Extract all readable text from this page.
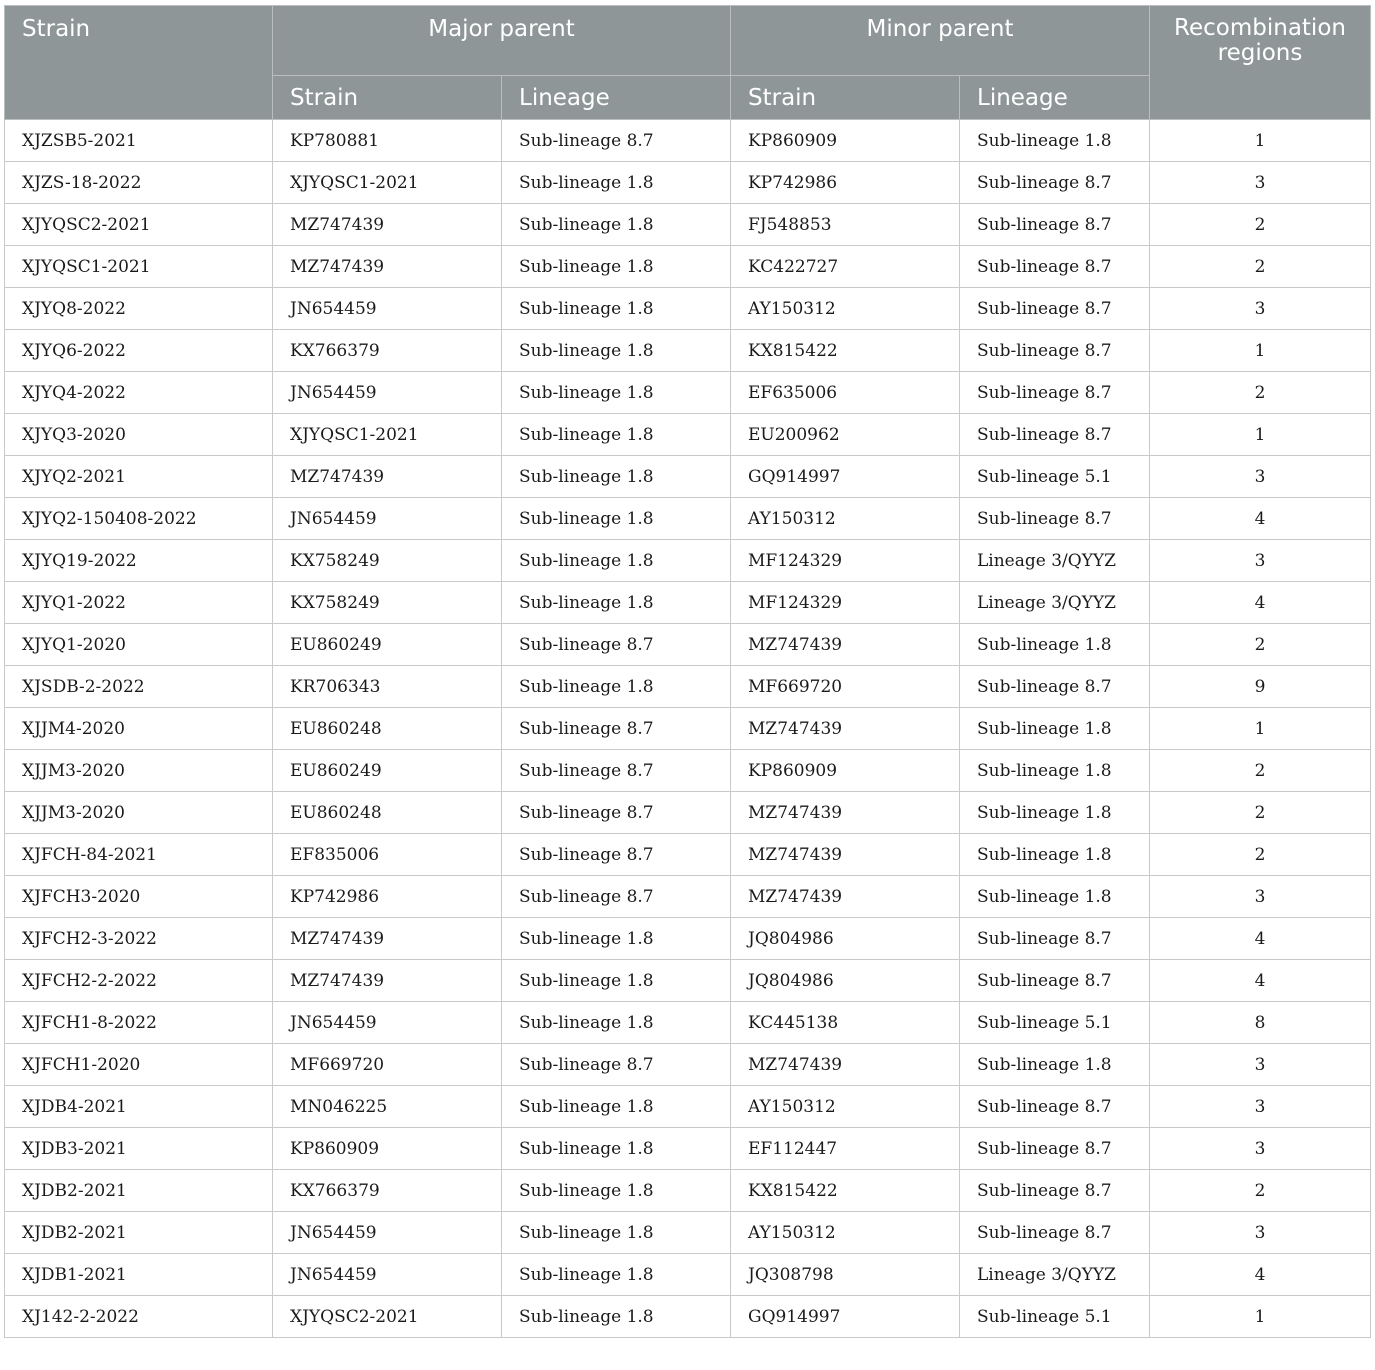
Strain	Major parent		Minor parent		Recombination regions
	Strain	Lineage	Strain	Lineage	
XJZSB5-2021	KP780881	Sub-lineage 8.7	KP860909	Sub-lineage 1.8	1
XJZS-18-2022	XJYQSC1-2021	Sub-lineage 1.8	KP742986	Sub-lineage 8.7	3
XJYQSC2-2021	MZ747439	Sub-lineage 1.8	FJ548853	Sub-lineage 8.7	2
XJYQSC1-2021	MZ747439	Sub-lineage 1.8	KC422727	Sub-lineage 8.7	2
XJYQ8-2022	JN654459	Sub-lineage 1.8	AY150312	Sub-lineage 8.7	3
XJYQ6-2022	KX766379	Sub-lineage 1.8	KX815422	Sub-lineage 8.7	1
XJYQ4-2022	JN654459	Sub-lineage 1.8	EF635006	Sub-lineage 8.7	2
XJYQ3-2020	XJYQSC1-2021	Sub-lineage 1.8	EU200962	Sub-lineage 8.7	1
XJYQ2-2021	MZ747439	Sub-lineage 1.8	GQ914997	Sub-lineage 5.1	3
XJYQ2-150408-2022	JN654459	Sub-lineage 1.8	AY150312	Sub-lineage 8.7	4
XJYQ19-2022	KX758249	Sub-lineage 1.8	MF124329	Lineage 3/QYYZ	3
XJYQ1-2022	KX758249	Sub-lineage 1.8	MF124329	Lineage 3/QYYZ	4
XJYQ1-2020	EU860249	Sub-lineage 8.7	MZ747439	Sub-lineage 1.8	2
XJSDB-2-2022	KR706343	Sub-lineage 1.8	MF669720	Sub-lineage 8.7	9
XJJM4-2020	EU860248	Sub-lineage 8.7	MZ747439	Sub-lineage 1.8	1
XJJM3-2020	EU860249	Sub-lineage 8.7	KP860909	Sub-lineage 1.8	2
XJJM3-2020	EU860248	Sub-lineage 8.7	MZ747439	Sub-lineage 1.8	2
XJFCH-84-2021	EF835006	Sub-lineage 8.7	MZ747439	Sub-lineage 1.8	2
XJFCH3-2020	KP742986	Sub-lineage 8.7	MZ747439	Sub-lineage 1.8	3
XJFCH2-3-2022	MZ747439	Sub-lineage 1.8	JQ804986	Sub-lineage 8.7	4
XJFCH2-2-2022	MZ747439	Sub-lineage 1.8	JQ804986	Sub-lineage 8.7	4
XJFCH1-8-2022	JN654459	Sub-lineage 1.8	KC445138	Sub-lineage 5.1	8
XJFCH1-2020	MF669720	Sub-lineage 8.7	MZ747439	Sub-lineage 1.8	3
XJDB4-2021	MN046225	Sub-lineage 1.8	AY150312	Sub-lineage 8.7	3
XJDB3-2021	KP860909	Sub-lineage 1.8	EF112447	Sub-lineage 8.7	3
XJDB2-2021	KX766379	Sub-lineage 1.8	KX815422	Sub-lineage 8.7	2
XJDB2-2021	JN654459	Sub-lineage 1.8	AY150312	Sub-lineage 8.7	3
XJDB1-2021	JN654459	Sub-lineage 1.8	JQ308798	Lineage 3/QYYZ	4
XJ142-2-2022	XJYQSC2-2021	Sub-lineage 1.8	GQ914997	Sub-lineage 5.1	1
